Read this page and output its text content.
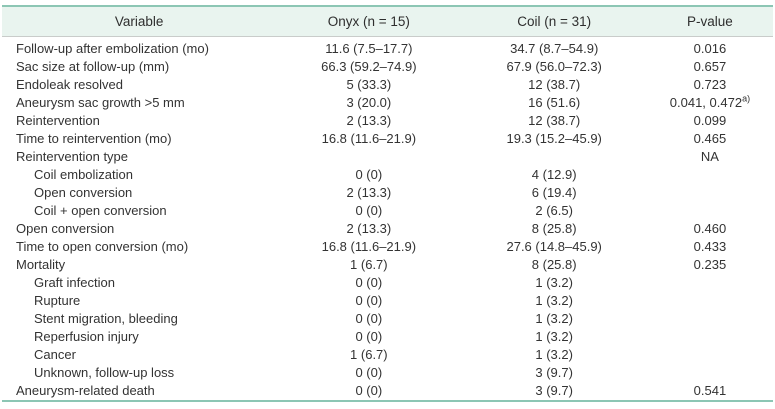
Variable	Onyx (n = 15)	Coil (n = 31)	P-value
Follow-up after embolization (mo)	11.6 (7.5–17.7)	34.7 (8.7–54.9)	0.016
Sac size at follow-up (mm)	66.3 (59.2–74.9)	67.9 (56.0–72.3)	0.657
Endoleak resolved	5 (33.3)	12 (38.7)	0.723
Aneurysm sac growth >5 mm	3 (20.0)	16 (51.6)	0.041, 0.472$^{a)}$
Reintervention	2 (13.3)	12 (38.7)	0.099
Time to reintervention (mo)	16.8 (11.6–21.9)	19.3 (15.2–45.9)	0.465
Reintervention type			NA
Coil embolization	0 (0)	4 (12.9)	
Open conversion	2 (13.3)	6 (19.4)	
Coil + open conversion	0 (0)	2 (6.5)	
Open conversion	2 (13.3)	8 (25.8)	0.460
Time to open conversion (mo)	16.8 (11.6–21.9)	27.6 (14.8–45.9)	0.433
Mortality	1 (6.7)	8 (25.8)	0.235
Graft infection	0 (0)	1 (3.2)	
Rupture	0 (0)	1 (3.2)	
Stent migration, bleeding	0 (0)	1 (3.2)	
Reperfusion injury	0 (0)	1 (3.2)	
Cancer	1 (6.7)	1 (3.2)	
Unknown, follow-up loss	0 (0)	3 (9.7)	
Aneurysm-related death	0 (0)	3 (9.7)	0.541
